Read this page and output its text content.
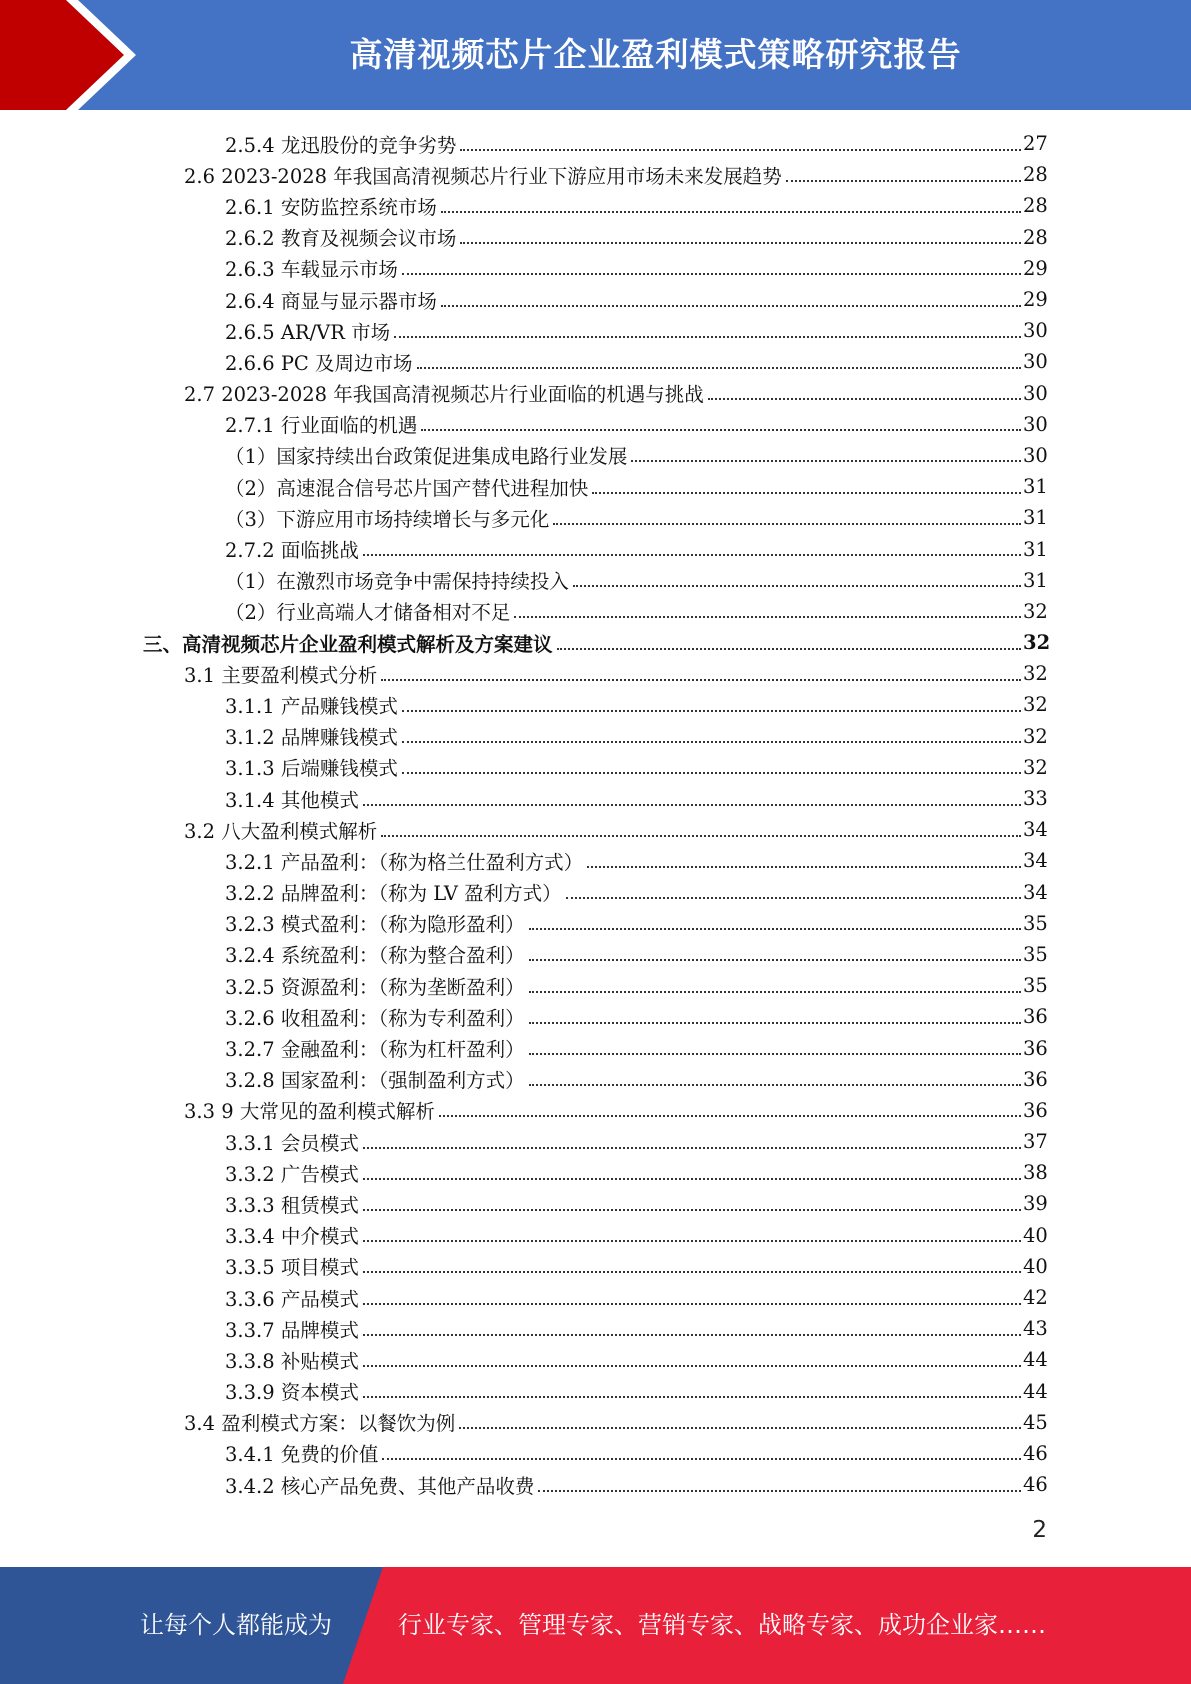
高清视频芯片企业盈利模式策略研究报告
2.5.4 龙迅股份的竞争劣势	27
2.6 2023-2028 年我国高清视频芯片行业下游应用市场未来发展趋势	28
2.6.1 安防监控系统市场	28
2.6.2 教育及视频会议市场	28
2.6.3 车载显示市场	29
2.6.4 商显与显示器市场	29
2.6.5 AR/VR 市场	30
2.6.6 PC 及周边市场	30
2.7 2023-2028 年我国高清视频芯片行业面临的机遇与挑战	30
2.7.1 行业面临的机遇	30
（1）国家持续出台政策促进集成电路行业发展	30
（2）高速混合信号芯片国产替代进程加快	31
（3）下游应用市场持续增长与多元化	31
2.7.2 面临挑战	31
（1）在激烈市场竞争中需保持持续投入	31
（2）行业高端人才储备相对不足	32
三、高清视频芯片企业盈利模式解析及方案建议	32
3.1 主要盈利模式分析	32
3.1.1 产品赚钱模式	32
3.1.2 品牌赚钱模式	32
3.1.3 后端赚钱模式	32
3.1.4 其他模式	33
3.2 八大盈利模式解析	34
3.2.1 产品盈利：（称为格兰仕盈利方式）	34
3.2.2 品牌盈利：（称为 LV 盈利方式）	34
3.2.3 模式盈利：（称为隐形盈利）	35
3.2.4 系统盈利：（称为整合盈利）	35
3.2.5 资源盈利：（称为垄断盈利）	35
3.2.6 收租盈利：（称为专利盈利）	36
3.2.7 金融盈利：（称为杠杆盈利）	36
3.2.8 国家盈利：（强制盈利方式）	36
3.3 9 大常见的盈利模式解析	36
3.3.1 会员模式	37
3.3.2 广告模式	38
3.3.3 租赁模式	39
3.3.4 中介模式	40
3.3.5 项目模式	40
3.3.6 产品模式	42
3.3.7 品牌模式	43
3.3.8 补贴模式	44
3.3.9 资本模式	44
3.4 盈利模式方案：以餐饮为例	45
3.4.1 免费的价值	46
3.4.2 核心产品免费、其他产品收费	46
2
让每个人都能成为	行业专家、管理专家、营销专家、战略专家、成功企业家……
